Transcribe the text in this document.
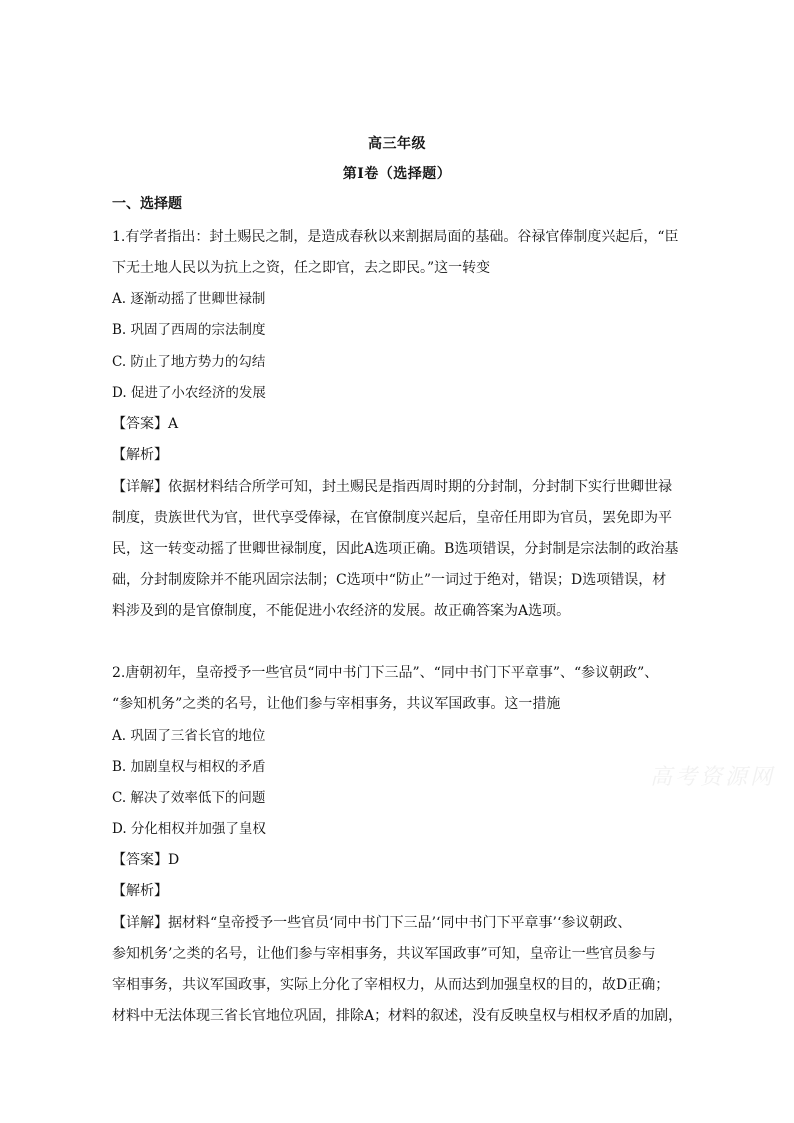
高三年级
第Ⅰ卷（选择题）
一、选择题
1.有学者指出：封土赐民之制，是造成春秋以来割据局面的基础。谷禄官俸制度兴起后，“臣
下无土地人民以为抗上之资，任之即官，去之即民。”这一转变
A. 逐渐动摇了世卿世禄制
B. 巩固了西周的宗法制度
C. 防止了地方势力的勾结
D. 促进了小农经济的发展
【答案】A
【解析】
【详解】依据材料结合所学可知，封土赐民是指西周时期的分封制，分封制下实行世卿世禄
制度，贵族世代为官，世代享受俸禄，在官僚制度兴起后，皇帝任用即为官员，罢免即为平
民，这一转变动摇了世卿世禄制度，因此A选项正确。B选项错误，分封制是宗法制的政治基
础，分封制废除并不能巩固宗法制；C选项中“防止”一词过于绝对，错误；D选项错误，材
料涉及到的是官僚制度，不能促进小农经济的发展。故正确答案为A选项。
2.唐朝初年，皇帝授予一些官员“同中书门下三品”、“同中书门下平章事”、“参议朝政”、
“参知机务”之类的名号，让他们参与宰相事务，共议军国政事。这一措施
A. 巩固了三省长官的地位
B. 加剧皇权与相权的矛盾
C. 解决了效率低下的问题
D. 分化相权并加强了皇权
【答案】D
【解析】
【详解】据材料“皇帝授予一些官员‘同中书门下三品’‘同中书门下平章事’‘参议朝政、
参知机务’之类的名号，让他们参与宰相事务，共议军国政事”可知，皇帝让一些官员参与
宰相事务，共议军国政事，实际上分化了宰相权力，从而达到加强皇权的目的，故D正确；
材料中无法体现三省长官地位巩固，排除A；材料的叙述，没有反映皇权与相权矛盾的加剧，
高考资源网
